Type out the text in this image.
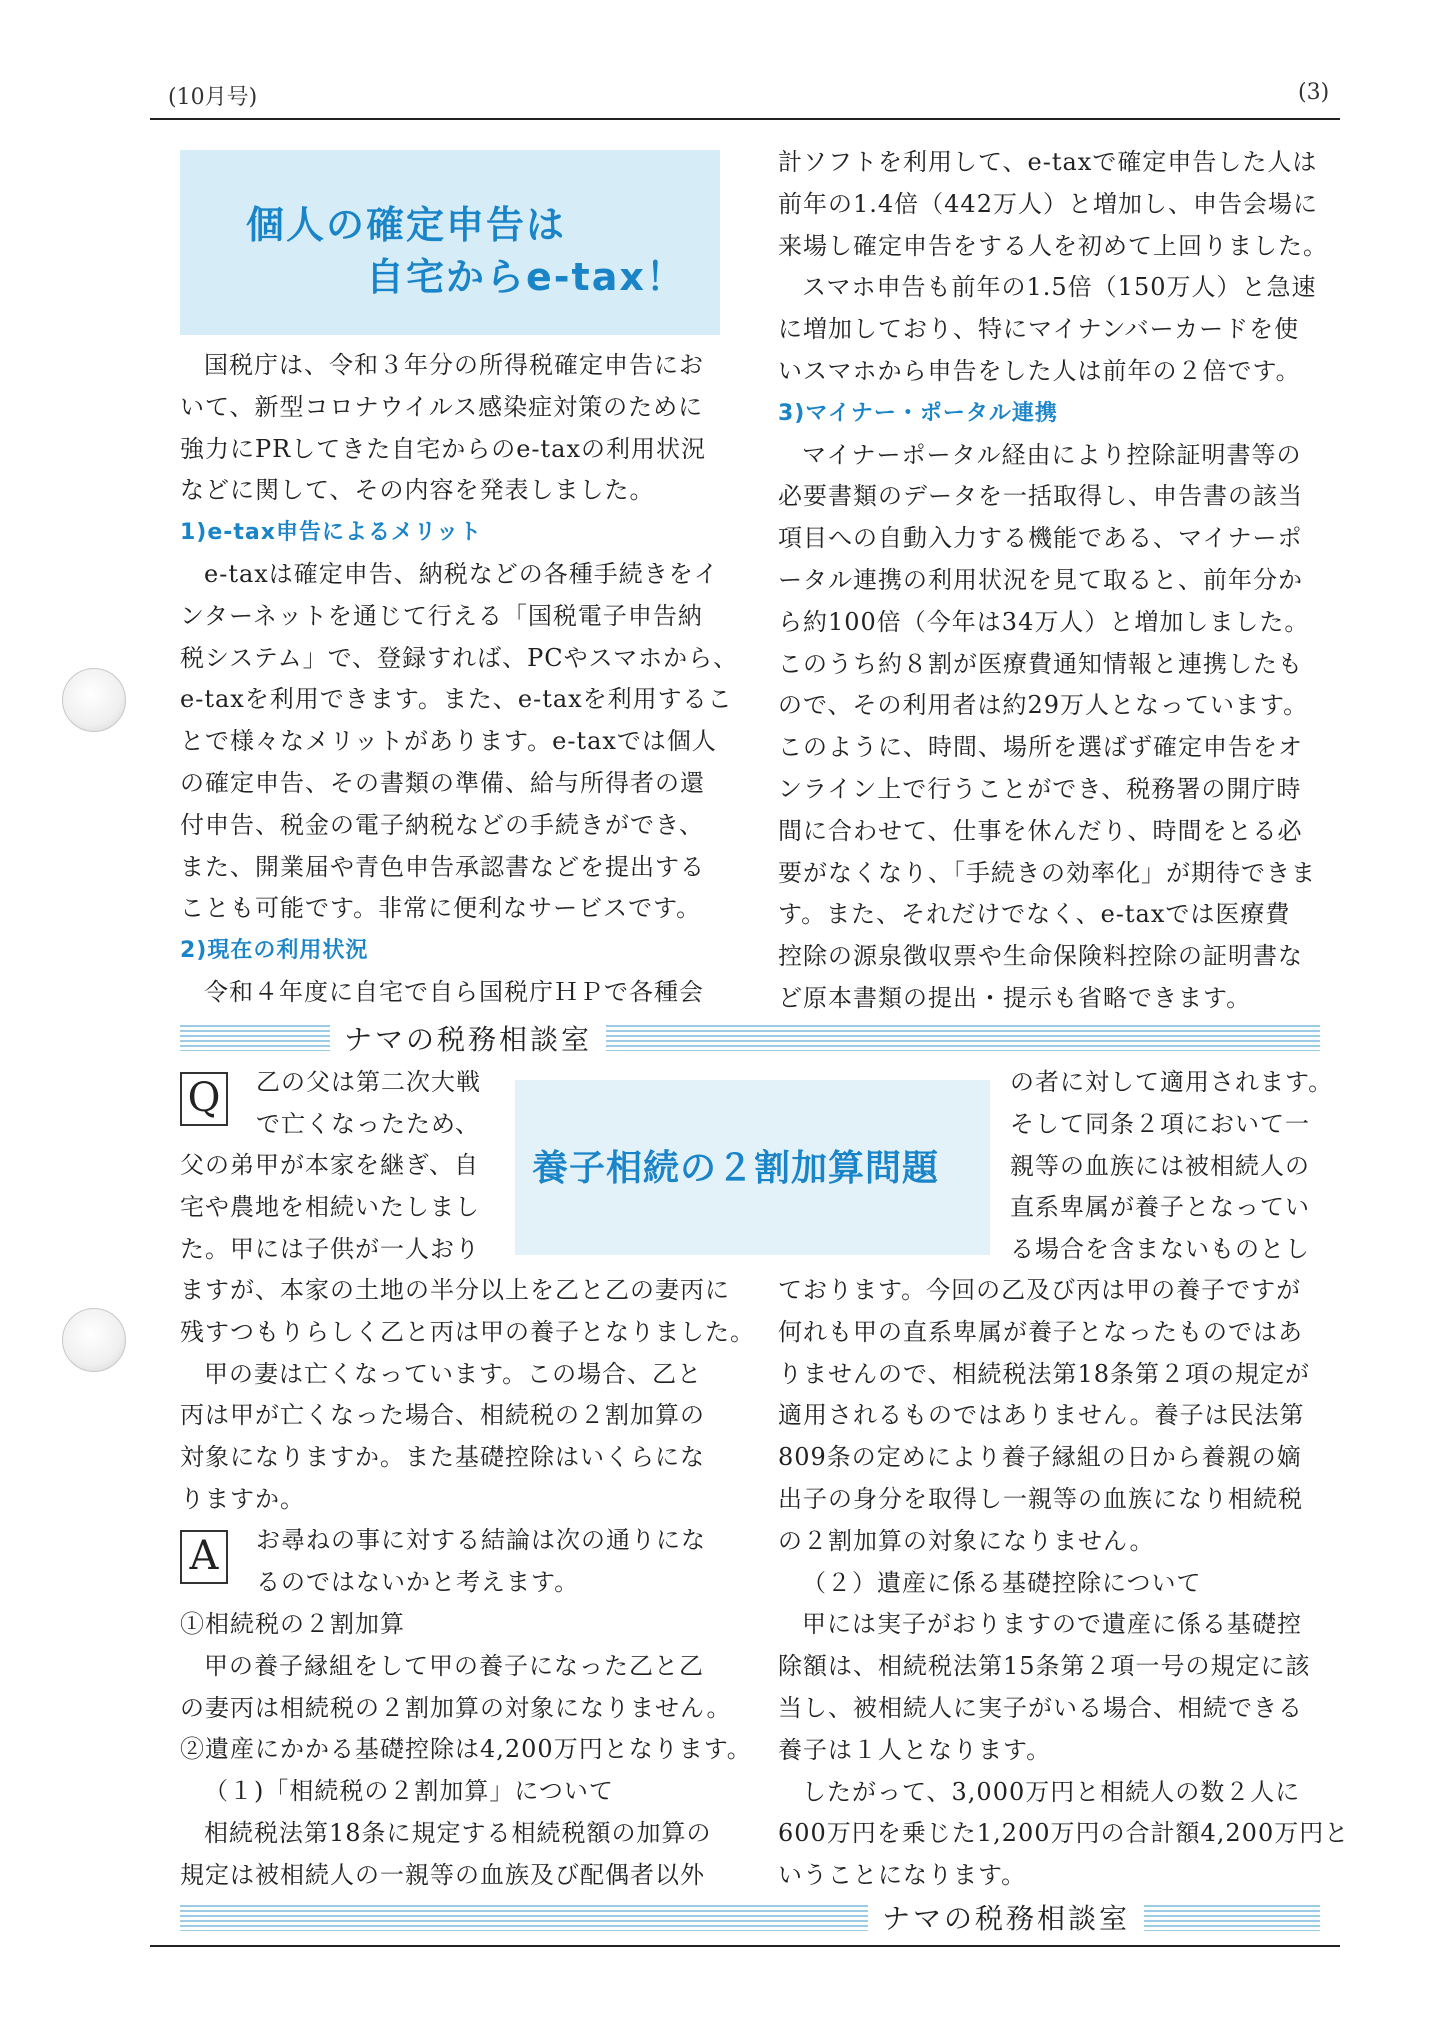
(10月号)	(3)
個人の確定申告は
自宅からe-tax！

国税庁は、令和３年分の所得税確定申告にお

いて、新型コロナウイルス感染症対策のために

強力にPRしてきた自宅からのe-taxの利用状況

などに関して、その内容を発表しました。

1)e-tax申告によるメリット

e-taxは確定申告、納税などの各種手続きをイ

ンターネットを通じて行える「国税電子申告納

税システム」で、登録すれば、PCやスマホから、

e-taxを利用できます。また、e-taxを利用するこ

とで様々なメリットがあります。e-taxでは個人

の確定申告、その書類の準備、給与所得者の還

付申告、税金の電子納税などの手続きができ、

また、開業届や青色申告承認書などを提出する

ことも可能です。非常に便利なサービスです。

2)現在の利用状況

令和４年度に自宅で自ら国税庁ＨＰで各種会

計ソフトを利用して、e-taxで確定申告した人は

前年の1.4倍（442万人）と増加し、申告会場に

来場し確定申告をする人を初めて上回りました。

スマホ申告も前年の1.5倍（150万人）と急速

に増加しており、特にマイナンバーカードを使

いスマホから申告をした人は前年の２倍です。

3)マイナー・ポータル連携

マイナーポータル経由により控除証明書等の

必要書類のデータを一括取得し、申告書の該当

項目への自動入力する機能である、マイナーポ

ータル連携の利用状況を見て取ると、前年分か

ら約100倍（今年は34万人）と増加しました。

このうち約８割が医療費通知情報と連携したも

ので、その利用者は約29万人となっています。

このように、時間、場所を選ばず確定申告をオ

ンライン上で行うことができ、税務署の開庁時

間に合わせて、仕事を休んだり、時間をとる必

要がなくなり、「手続きの効率化」が期待できま

す。また、それだけでなく、e-taxでは医療費

控除の源泉徴収票や生命保険料控除の証明書な

ど原本書類の提出・提示も省略できます。

ナマの税務相談室
養子相続の２割加算問題
Q	乙の父は第二次大戦

で亡くなったため、

父の弟甲が本家を継ぎ、自

宅や農地を相続いたしまし

た。甲には子供が一人おり

ますが、本家の土地の半分以上を乙と乙の妻丙に

残すつもりらしく乙と丙は甲の養子となりました。

甲の妻は亡くなっています。この場合、乙と

丙は甲が亡くなった場合、相続税の２割加算の

対象になりますか。また基礎控除はいくらにな

りますか。

A	お尋ねの事に対する結論は次の通りにな

るのではないかと考えます。

①相続税の２割加算

甲の養子縁組をして甲の養子になった乙と乙

の妻丙は相続税の２割加算の対象になりません。

②遺産にかかる基礎控除は4,200万円となります。

（１)「相続税の２割加算」について

相続税法第18条に規定する相続税額の加算の

規定は被相続人の一親等の血族及び配偶者以外

の者に対して適用されます。

そして同条２項において一

親等の血族には被相続人の

直系卑属が養子となってい

る場合を含まないものとし

ております。今回の乙及び丙は甲の養子ですが

何れも甲の直系卑属が養子となったものではあ

りませんので、相続税法第18条第２項の規定が

適用されるものではありません。養子は民法第

809条の定めにより養子縁組の日から養親の嫡

出子の身分を取得し一親等の血族になり相続税

の２割加算の対象になりません。

（２）遺産に係る基礎控除について

甲には実子がおりますので遺産に係る基礎控

除額は、相続税法第15条第２項一号の規定に該

当し、被相続人に実子がいる場合、相続できる

養子は１人となります。

したがって、3,000万円と相続人の数２人に

600万円を乗じた1,200万円の合計額4,200万円と

いうことになります。

ナマの税務相談室
